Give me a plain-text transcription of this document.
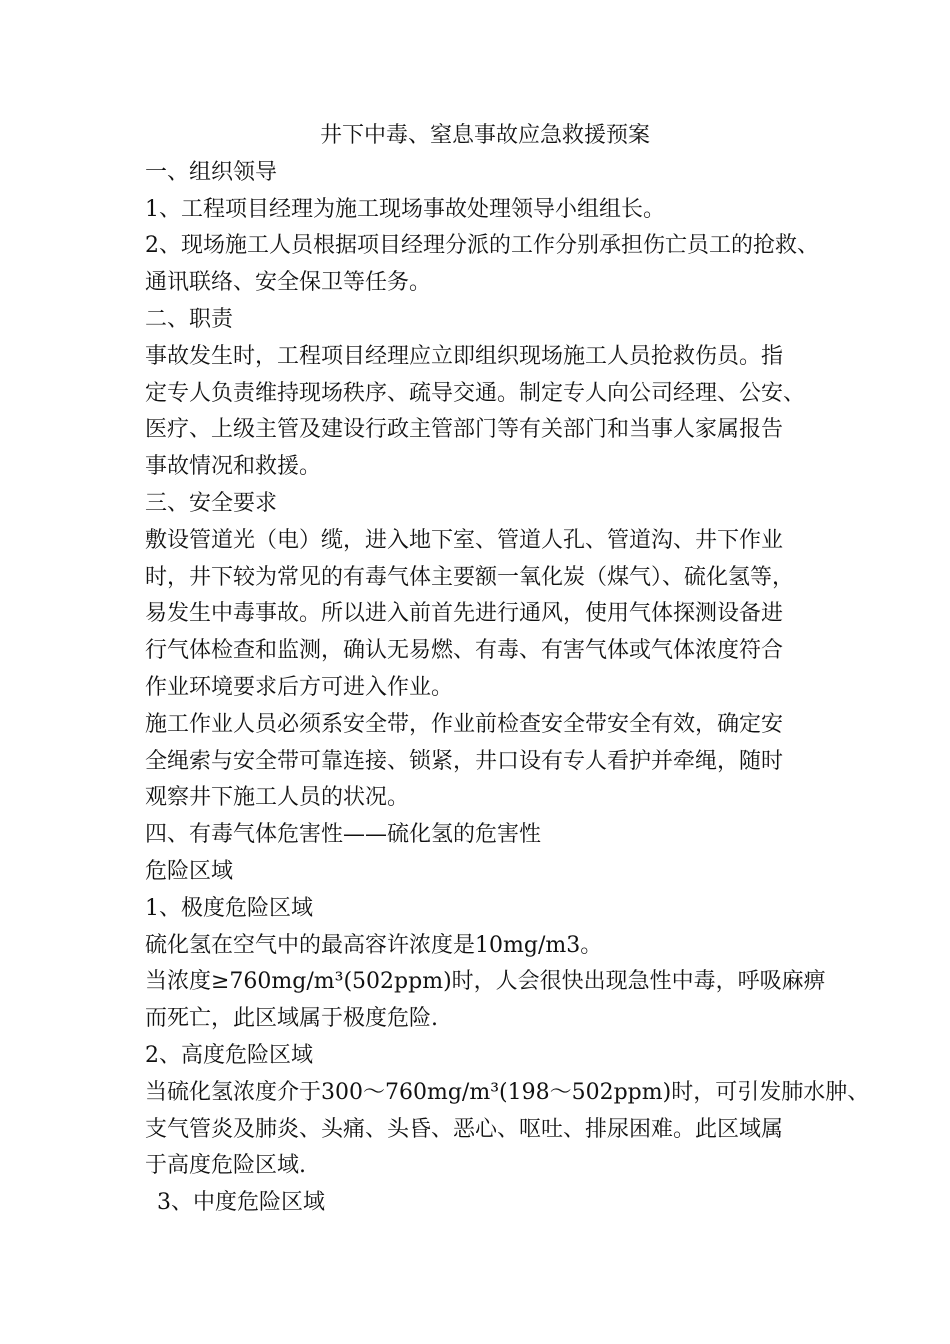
井下中毒、窒息事故应急救援预案
一、组织领导
1、工程项目经理为施工现场事故处理领导小组组长。
2、现场施工人员根据项目经理分派的工作分别承担伤亡员工的抢救、
通讯联络、安全保卫等任务。
二、职责
事故发生时，工程项目经理应立即组织现场施工人员抢救伤员。指
定专人负责维持现场秩序、疏导交通。制定专人向公司经理、公安、
医疗、上级主管及建设行政主管部门等有关部门和当事人家属报告
事故情况和救援。
三、安全要求
敷设管道光（电）缆，进入地下室、管道人孔、管道沟、井下作业
时，井下较为常见的有毒气体主要额一氧化炭（煤气）、硫化氢等，
易发生中毒事故。所以进入前首先进行通风，使用气体探测设备进
行气体检查和监测，确认无易燃、有毒、有害气体或气体浓度符合
作业环境要求后方可进入作业。
施工作业人员必须系安全带，作业前检查安全带安全有效，确定安
全绳索与安全带可靠连接、锁紧，井口设有专人看护并牵绳，随时
观察井下施工人员的状况。
四、有毒气体危害性——硫化氢的危害性
危险区域
1、极度危险区域
硫化氢在空气中的最高容许浓度是10mg/m3。
当浓度≥760mg/m³(502ppm)时，人会很快出现急性中毒，呼吸麻痹
而死亡，此区域属于极度危险.
2、高度危险区域
当硫化氢浓度介于300～760mg/m³(198～502ppm)时，可引发肺水肿、
支气管炎及肺炎、头痛、头昏、恶心、呕吐、排尿困难。此区域属
于高度危险区域.
3、中度危险区域
